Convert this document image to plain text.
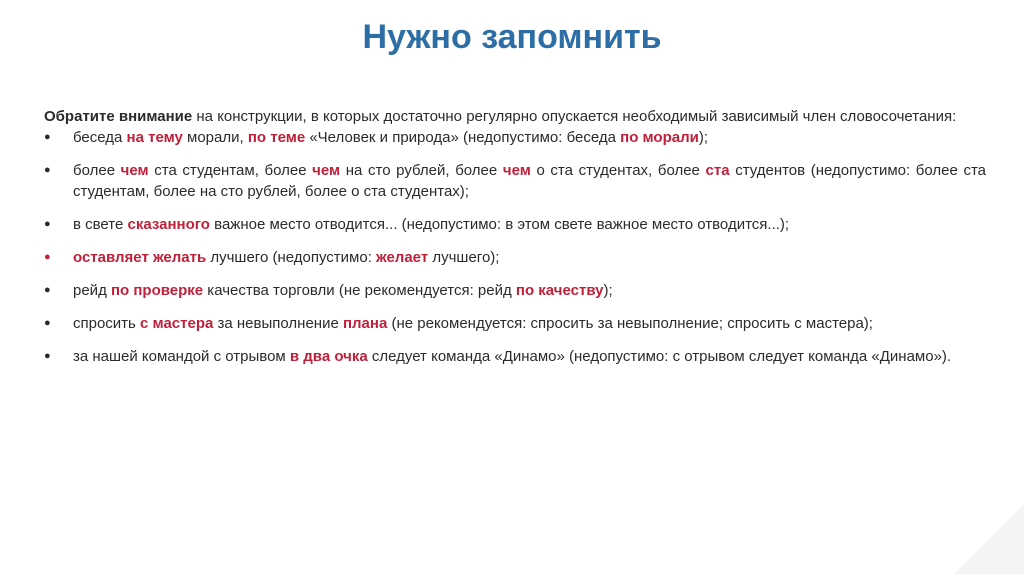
Нужно запомнить

Обратите внимание на конструкции, в которых достаточно регулярно опускается необходимый зависимый член словосочетания:

● беседа на тему морали, по теме «Человек и природа» (недопустимо: беседа по морали);
● более чем ста студентам, более чем на сто рублей, более чем о ста студентах, более ста студентов (недопустимо: более ста студентам, более на сто рублей, более о ста студентах);
● в свете сказанного важное место отводится... (недопустимо: в этом свете важное место отводится...);
● оставляет желать лучшего (недопустимо: желает лучшего);
● рейд по проверке качества торговли (не рекомендуется: рейд по качеству);
● спросить с мастера за невыполнение плана (не рекомендуется: спросить за невыполнение; спросить с мастера);
● за нашей командой с отрывом в два очка следует команда «Динамо» (недопустимо: с отрывом следует команда «Динамо»).
